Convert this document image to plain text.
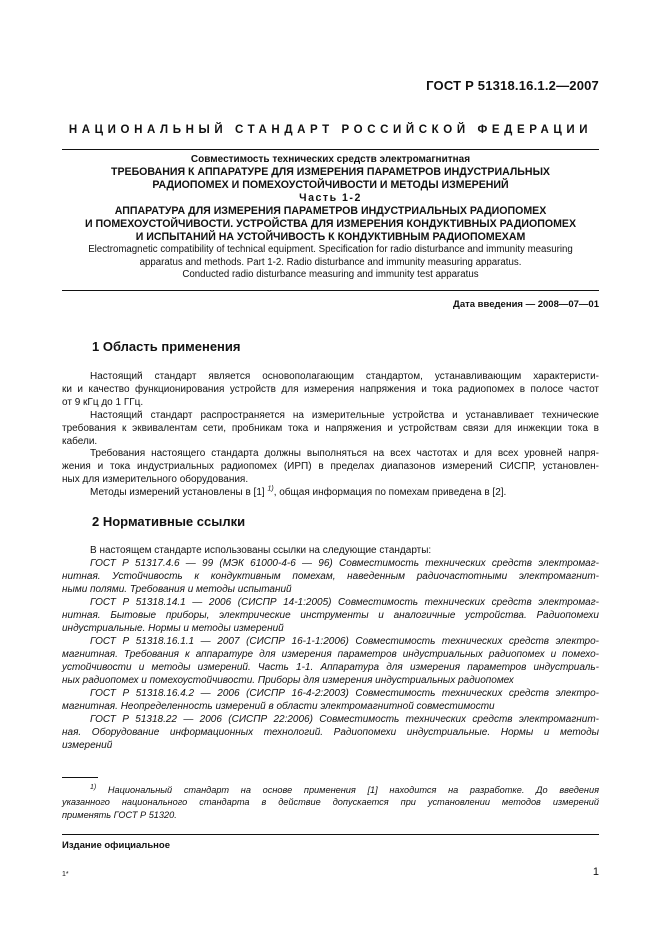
ГОСТ Р 51318.16.1.2—2007
НАЦИОНАЛЬНЫЙ СТАНДАРТ РОССИЙСКОЙ ФЕДЕРАЦИИ
Совместимость технических средств электромагнитная
ТРЕБОВАНИЯ К АППАРАТУРЕ ДЛЯ ИЗМЕРЕНИЯ ПАРАМЕТРОВ ИНДУСТРИАЛЬНЫХ
РАДИОПОМЕХ И ПОМЕХОУСТОЙЧИВОСТИ И МЕТОДЫ ИЗМЕРЕНИЙ
Часть 1-2
АППАРАТУРА ДЛЯ ИЗМЕРЕНИЯ ПАРАМЕТРОВ ИНДУСТРИАЛЬНЫХ РАДИОПОМЕХ
И ПОМЕХОУСТОЙЧИВОСТИ. УСТРОЙСТВА ДЛЯ ИЗМЕРЕНИЯ КОНДУКТИВНЫХ РАДИОПОМЕХ
И ИСПЫТАНИЙ НА УСТОЙЧИВОСТЬ К КОНДУКТИВНЫМ РАДИОПОМЕХАМ
Electromagnetic compatibility of technical equipment. Specification for radio disturbance and immunity measuring
apparatus and methods. Part 1-2. Radio disturbance and immunity measuring apparatus.
Conducted radio disturbance measuring and immunity test apparatus
Дата введения — 2008—07—01
1 Область применения
Настоящий стандарт является основополагающим стандартом, устанавливающим характеристи-
ки и качество функционирования устройств для измерения напряжения и тока радиопомех в полосе частот
от 9 кГц до 1 ГГц.
Настоящий стандарт распространяется на измерительные устройства и устанавливает технические
требования к эквивалентам сети, пробникам тока и напряжения и устройствам связи для инжекции тока в
кабели.
Требования настоящего стандарта должны выполняться на всех частотах и для всех уровней напря-
жения и тока индустриальных радиопомех (ИРП) в пределах диапазонов измерений СИСПР, установлен-
ных для измерительного оборудования.
Методы измерений установлены в [1] $^{1)}$, общая информация по помехам приведена в [2].
2 Нормативные ссылки
В настоящем стандарте использованы ссылки на следующие стандарты:
ГОСТ Р 51317.4.6 — 99 (МЭК 61000-4-6 — 96) Совместимость технических средств электромаг-
нитная. Устойчивость к кондуктивным помехам, наведенным радиочастотными электромагнит-
ными полями. Требования и методы испытаний
ГОСТ Р 51318.14.1 — 2006 (СИСПР 14-1:2005) Совместимость технических средств электромаг-
нитная. Бытовые приборы, электрические инструменты и аналогичные устройства. Радиопомехи
индустриальные. Нормы и методы измерений
ГОСТ Р 51318.16.1.1 — 2007 (СИСПР 16-1-1:2006) Совместимость технических средств электро-
магнитная. Требования к аппаратуре для измерения параметров индустриальных радиопомех и помехо-
устойчивости и методы измерений. Часть 1-1. Аппаратура для измерения параметров индустриаль-
ных радиопомех и помехоустойчивости. Приборы для измерения индустриальных радиопомех
ГОСТ Р 51318.16.4.2 — 2006 (СИСПР 16-4-2:2003) Совместимость технических средств электро-
магнитная. Неопределенность измерений в области электромагнитной совместимости
ГОСТ Р 51318.22 — 2006 (СИСПР 22:2006) Совместимость технических средств электромагнит-
ная. Оборудование информационных технологий. Радиопомехи индустриальные. Нормы и методы
измерений
$^{1)}$ Национальный стандарт на основе применения [1] находится на разработке. До введения
указанного национального стандарта в действие допускается при установлении методов измерений
применять ГОСТ Р 51320.
Издание официальное
1*	1
